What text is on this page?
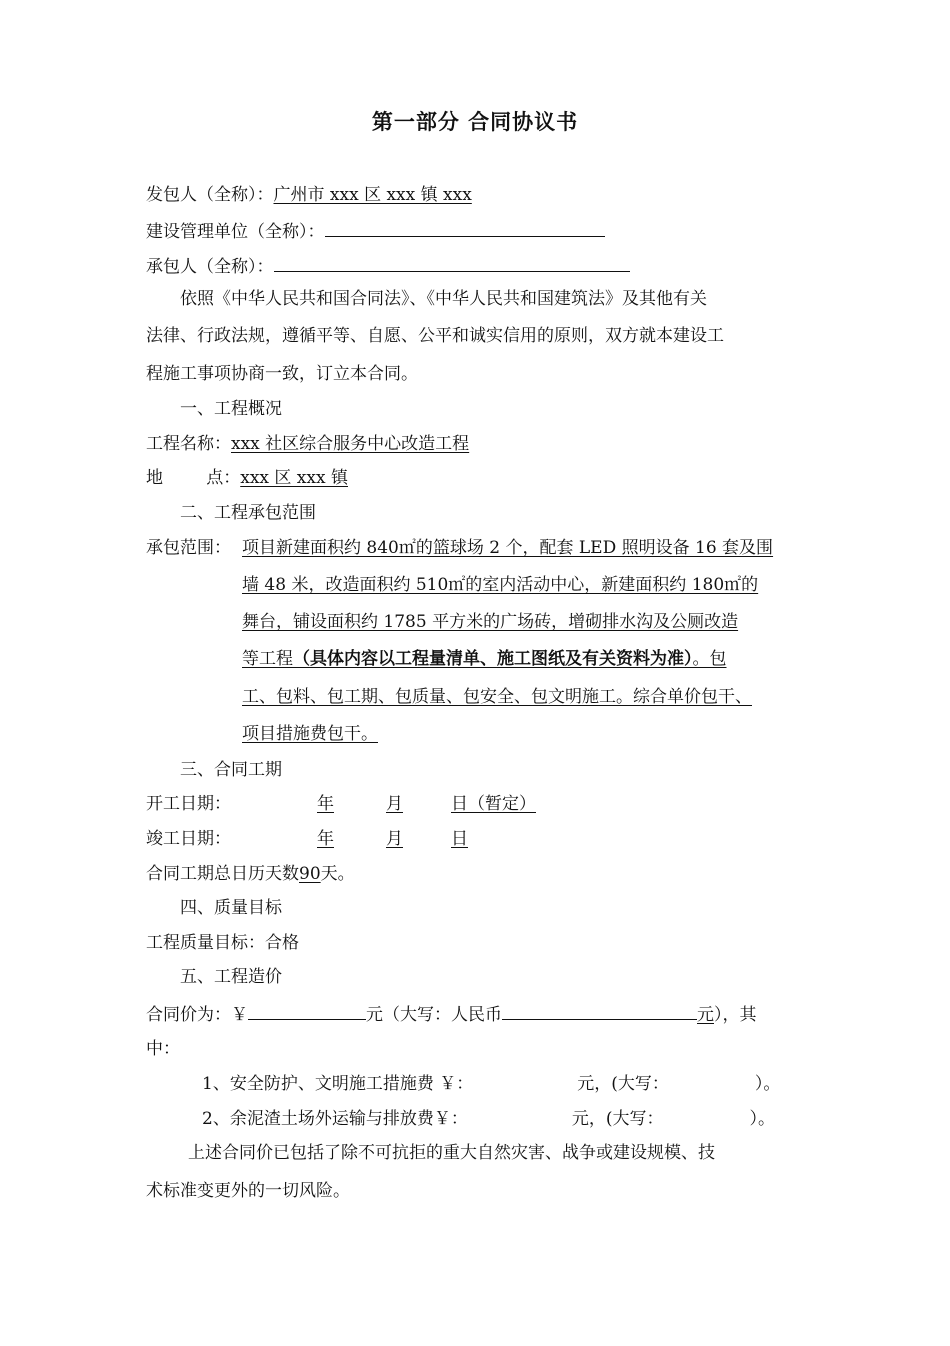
第一部分 合同协议书
发包人（全称）：广州市 xxx 区 xxx 镇 xxx
建设管理单位（全称）：
承包人（全称）：
依照《中华人民共和国合同法》、《中华人民共和国建筑法》及其他有关
法律、行政法规，遵循平等、自愿、公平和诚实信用的原则，双方就本建设工
程施工事项协商一致，订立本合同。
一、工程概况
工程名称：xxx 社区综合服务中心改造工程
地        点：xxx 区 xxx 镇
二、工程承包范围
承包范围： 项目新建面积约 840㎡的篮球场 2 个，配套 LED 照明设备 16 套及围
墙 48 米，改造面积约 510㎡的室内活动中心，新建面积约 180㎡的
舞台，铺设面积约 1785 平方米的广场砖，增砌排水沟及公厕改造
等工程（具体内容以工程量清单、施工图纸及有关资料为准）。包
工、包料、包工期、包质量、包安全、包文明施工。综合单价包干、
项目措施费包干。
三、合同工期
开工日期：	年	月	日（暂定）
竣工日期：	年	月	日
合同工期总日历天数90天。
四、质量目标
工程质量目标：合格
五、工程造价
合同价为：￥	元（大写：人民币	元），其
中：
1、安全防护、文明施工措施费 ￥：	元，(大写：	）。
2、余泥渣土场外运输与排放费￥：	元，(大写：	）。
上述合同价已包括了除不可抗拒的重大自然灾害、战争或建设规模、技
术标准变更外的一切风险。
